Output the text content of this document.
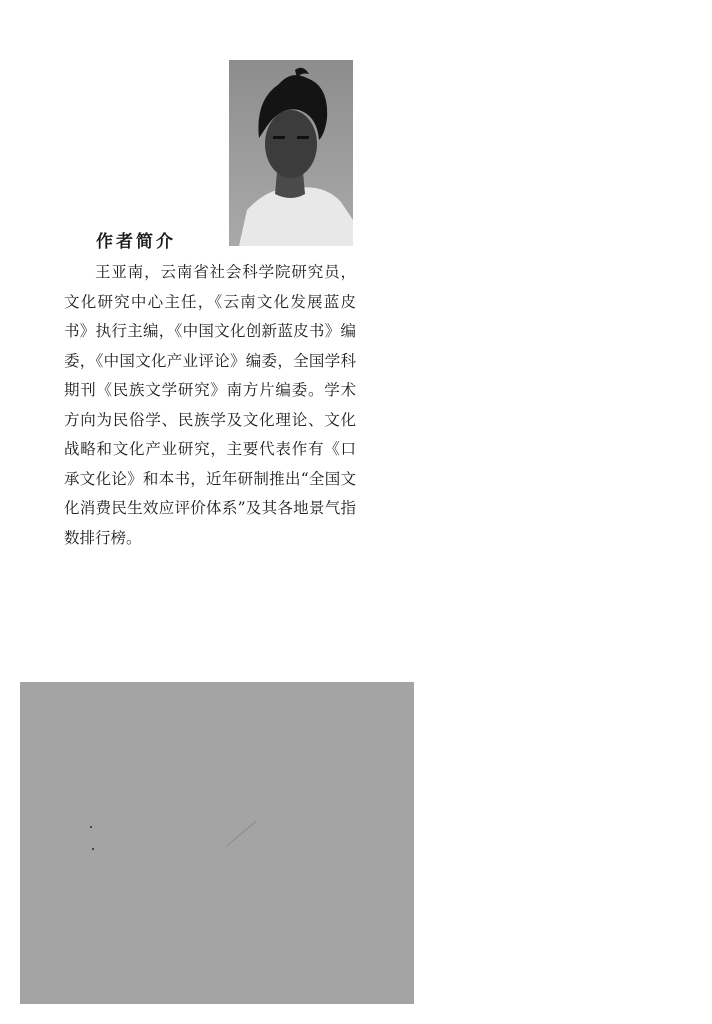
作者简介

王亚南，云南省社会科学院研究员，文化研究中心主任，《云南文化发展蓝皮书》执行主编，《中国文化创新蓝皮书》编委，《中国文化产业评论》编委，全国学科期刊《民族文学研究》南方片编委。学术方向为民俗学、民族学及文化理论、文化战略和文化产业研究，主要代表作有《口承文化论》和本书，近年研制推出“全国文化消费民生效应评价体系”及其各地景气指数排行榜。
